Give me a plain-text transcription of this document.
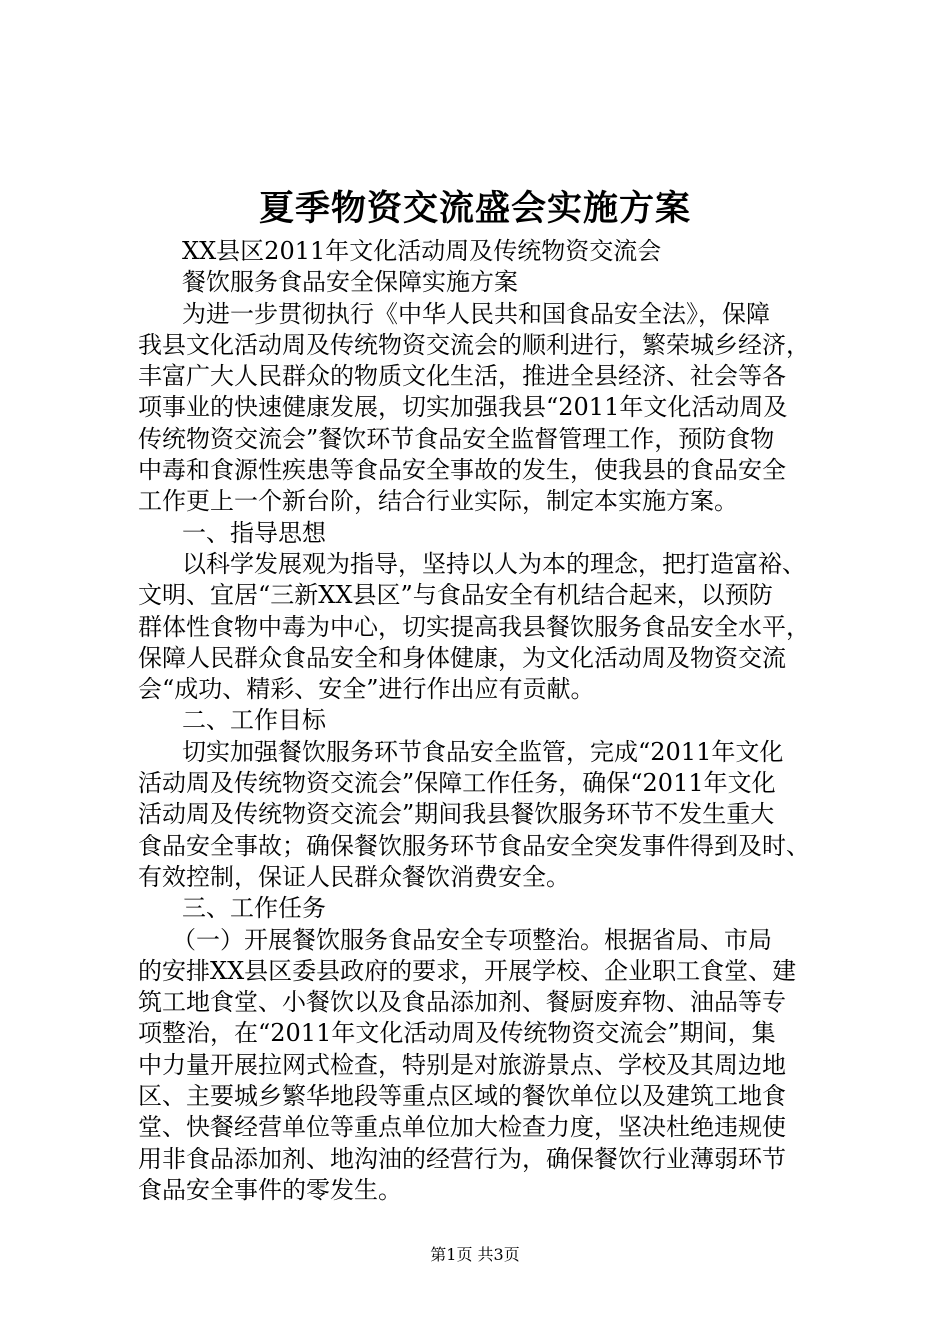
夏季物资交流盛会实施方案
XX县区2011年文化活动周及传统物资交流会
餐饮服务食品安全保障实施方案
为进一步贯彻执行《中华人民共和国食品安全法》，保障
我县文化活动周及传统物资交流会的顺利进行，繁荣城乡经济，
丰富广大人民群众的物质文化生活，推进全县经济、社会等各
项事业的快速健康发展，切实加强我县“2011年文化活动周及
传统物资交流会”餐饮环节食品安全监督管理工作，预防食物
中毒和食源性疾患等食品安全事故的发生，使我县的食品安全
工作更上一个新台阶，结合行业实际，制定本实施方案。
一、指导思想
以科学发展观为指导，坚持以人为本的理念，把打造富裕、
文明、宜居“三新XX县区”与食品安全有机结合起来，以预防
群体性食物中毒为中心，切实提高我县餐饮服务食品安全水平，
保障人民群众食品安全和身体健康，为文化活动周及物资交流
会“成功、精彩、安全”进行作出应有贡献。
二、工作目标
切实加强餐饮服务环节食品安全监管，完成“2011年文化
活动周及传统物资交流会”保障工作任务，确保“2011年文化
活动周及传统物资交流会”期间我县餐饮服务环节不发生重大
食品安全事故；确保餐饮服务环节食品安全突发事件得到及时、
有效控制，保证人民群众餐饮消费安全。
三、工作任务
（一）开展餐饮服务食品安全专项整治。根据省局、市局
的安排XX县区委县政府的要求，开展学校、企业职工食堂、建
筑工地食堂、小餐饮以及食品添加剂、餐厨废弃物、油品等专
项整治，在“2011年文化活动周及传统物资交流会”期间，集
中力量开展拉网式检查，特别是对旅游景点、学校及其周边地
区、主要城乡繁华地段等重点区域的餐饮单位以及建筑工地食
堂、快餐经营单位等重点单位加大检查力度，坚决杜绝违规使
用非食品添加剂、地沟油的经营行为，确保餐饮行业薄弱环节
食品安全事件的零发生。
第1页 共3页
